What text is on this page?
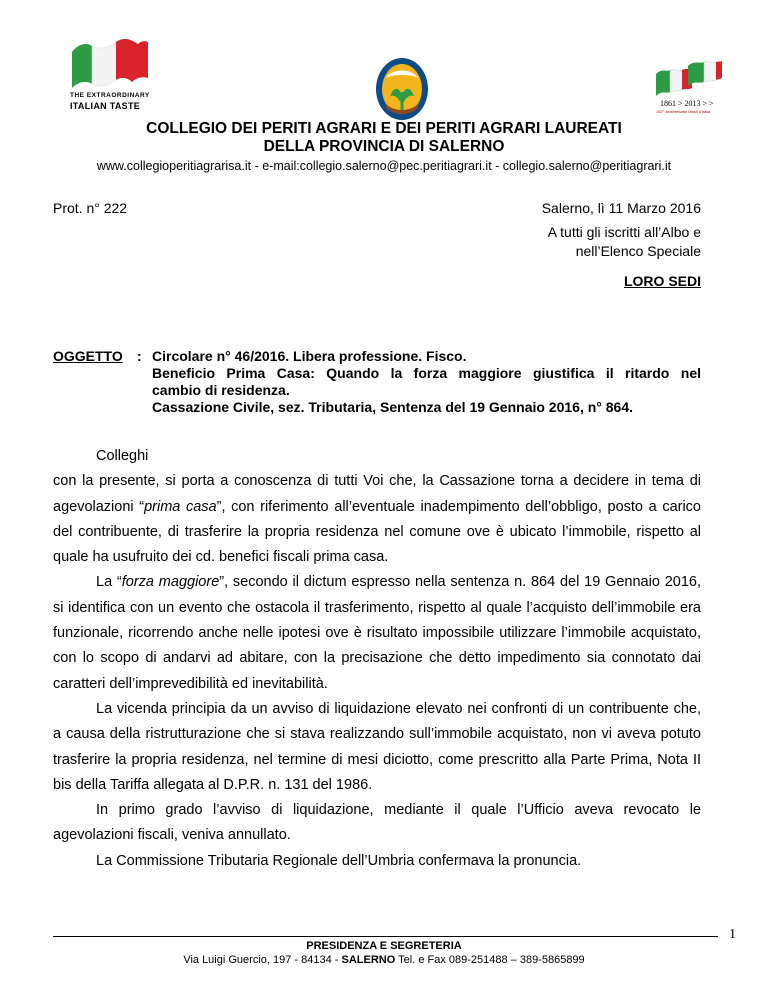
THE EXTRAORDINARY
ITALIAN TASTE	1861 > 2013 > >
152° anniversario Unità d'Italia
COLLEGIO DEI PERITI AGRARI E DEI PERITI AGRARI LAUREATI
DELLA PROVINCIA DI SALERNO
www.collegioperitiagrarisa.it - e-mail:collegio.salerno@pec.peritiagrari.it - collegio.salerno@peritiagrari.it
Prot. n° 222	Salerno, lì 11 Marzo 2016
A tutti gli iscritti all’Albo e
nell’Elenco Speciale
LORO SEDI
OGGETTO : Circolare n° 46/2016. Libera professione. Fisco.
Beneficio Prima Casa: Quando la forza maggiore giustifica il ritardo nel
cambio di residenza.
Cassazione Civile, sez. Tributaria, Sentenza del 19 Gennaio 2016, n° 864.

Colleghi

con la presente, si porta a conoscenza di tutti Voi che, la Cassazione torna a decidere in tema di agevolazioni “prima casa”, con riferimento all’eventuale inadempimento dell’obbligo, posto a carico del contribuente, di trasferire la propria residenza nel comune ove è ubicato l’immobile, rispetto al quale ha usufruito dei cd. benefici fiscali prima casa.

La “forza maggiore”, secondo il dictum espresso nella sentenza n. 864 del 19 Gennaio 2016, si identifica con un evento che ostacola il trasferimento, rispetto al quale l’acquisto dell’immobile era funzionale, ricorrendo anche nelle ipotesi ove è risultato impossibile utilizzare l’immobile acquistato, con lo scopo di andarvi ad abitare, con la precisazione che detto impedimento sia connotato dai caratteri dell’imprevedibilità ed inevitabilità.

La vicenda principia da un avviso di liquidazione elevato nei confronti di un contribuente che, a causa della ristrutturazione che si stava realizzando sull’immobile acquistato, non vi aveva potuto trasferire la propria residenza, nel termine di mesi diciotto, come prescritto alla Parte Prima, Nota II bis della Tariffa allegata al D.P.R. n. 131 del 1986.

In primo grado l’avviso di liquidazione, mediante il quale l’Ufficio aveva revocato le agevolazioni fiscali, veniva annullato.

La Commissione Tributaria Regionale dell’Umbria confermava la pronuncia.

1
PRESIDENZA E SEGRETERIA
Via Luigi Guercio, 197 - 84134 - SALERNO Tel. e Fax 089-251488 – 389-5865899
